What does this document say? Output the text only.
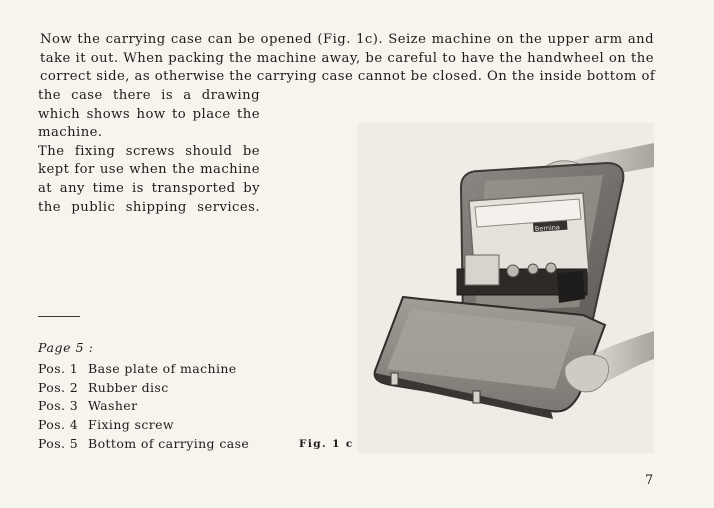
Now the carrying case can be opened (Fig. 1c). Seize machine on the upper arm and
take it out. When packing the machine away, be careful to have the handwheel on the
correct side, as otherwise the carrying case cannot be closed. On the inside bottom of

the case there is a drawing
which shows how to place the
machine.
The fixing screws should be
kept for use when the machine
at any time is transported by
the public shipping services.

Page 5 :
Pos. 1 Base plate of machine
Pos. 2 Rubber disc
Pos. 3 Washer
Pos. 4 Fixing screw
Pos. 5 Bottom of carrying case	Fig. 1 c
Bernina
7
